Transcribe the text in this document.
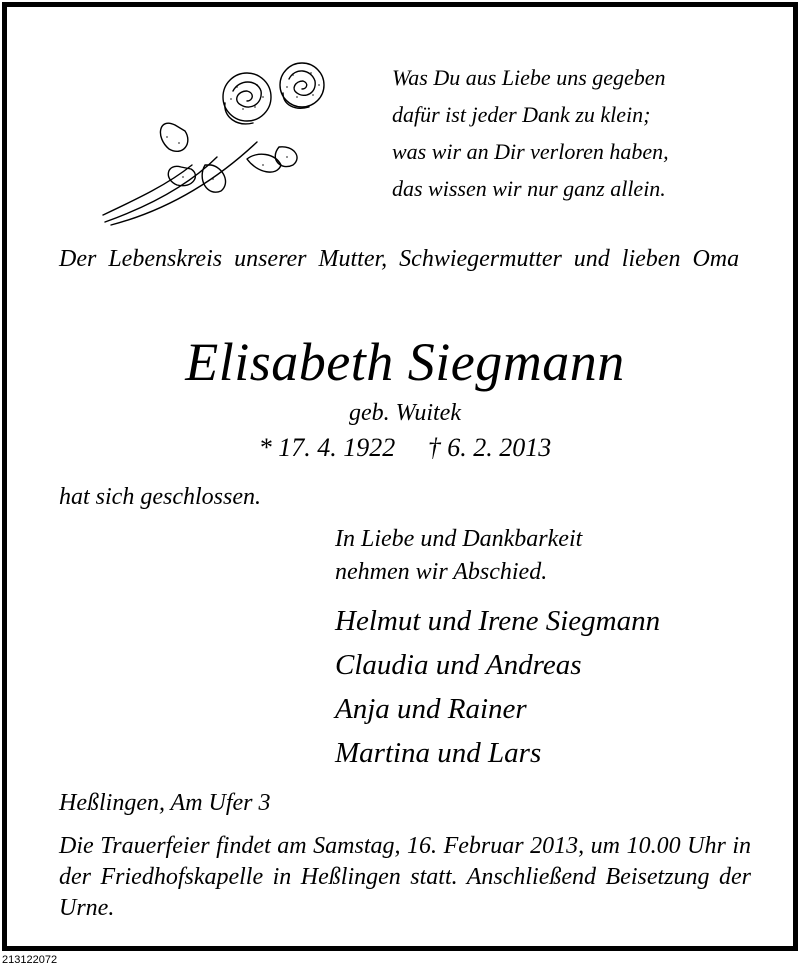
Was Du aus Liebe uns gegeben
dafür ist jeder Dank zu klein;
was wir an Dir verloren haben,
das wissen wir nur ganz allein.
Der Lebenskreis unserer Mutter, Schwiegermutter und lieben Oma
Elisabeth Siegmann
geb. Wuitek
* 17. 4. 1922     † 6. 2. 2013
hat sich geschlossen.
In Liebe und Dankbarkeit
nehmen wir Abschied.
Helmut und Irene Siegmann
Claudia und Andreas
Anja und Rainer
Martina und Lars
Heßlingen, Am Ufer 3
Die Trauerfeier findet am Samstag, 16. Februar 2013, um 10.00 Uhr in der Friedhofskapelle in Heßlingen statt. Anschließend Beisetzung der Urne.
213122072
